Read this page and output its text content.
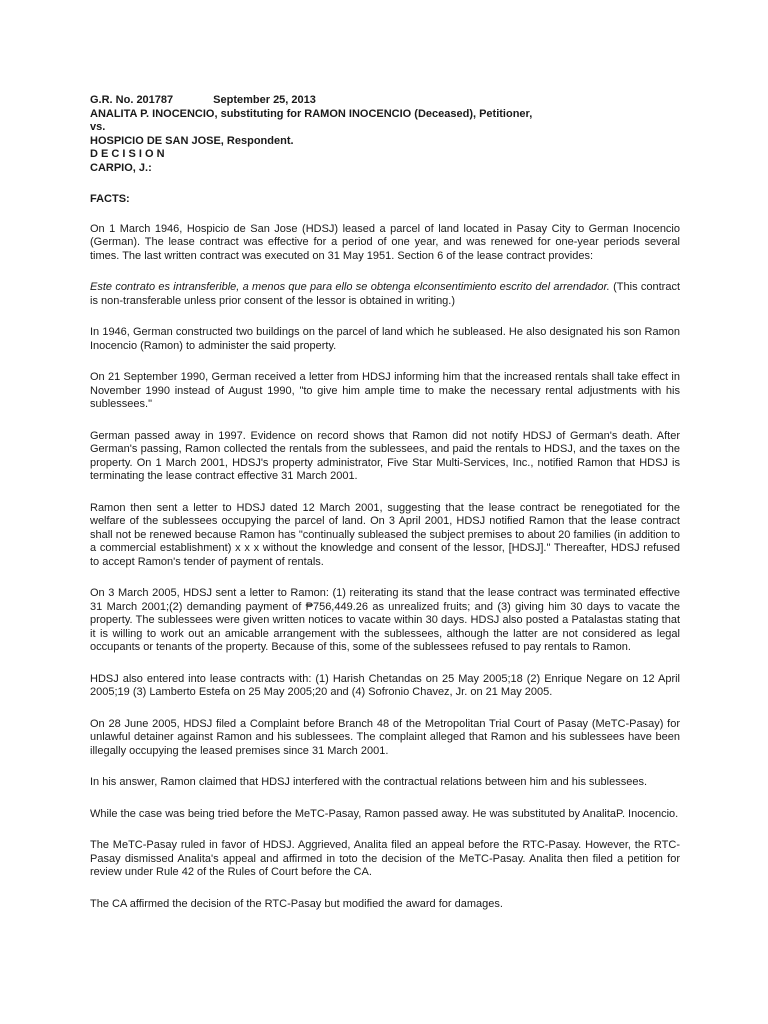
G.R. No. 201787	September 25, 2013

ANALITA P. INOCENCIO, substituting for RAMON INOCENCIO (Deceased), Petitioner,

vs.

HOSPICIO DE SAN JOSE, Respondent.

D E C I S I O N

CARPIO, J.:

FACTS:

On 1 March 1946, Hospicio de San Jose (HDSJ) leased a parcel of land located in Pasay City to German Inocencio (German). The lease contract was effective for a period of one year, and was renewed for one-year periods several times. The last written contract was executed on 31 May 1951. Section 6 of the lease contract provides:

Este contrato es intransferible, a menos que para ello se obtenga elconsentimiento escrito del arrendador. (This contract is non-transferable unless prior consent of the lessor is obtained in writing.)

In 1946, German constructed two buildings on the parcel of land which he subleased. He also designated his son Ramon Inocencio (Ramon) to administer the said property.

On 21 September 1990, German received a letter from HDSJ informing him that the increased rentals shall take effect in November 1990 instead of August 1990, "to give him ample time to make the necessary rental adjustments with his sublessees."

German passed away in 1997. Evidence on record shows that Ramon did not notify HDSJ of German's death. After German's passing, Ramon collected the rentals from the sublessees, and paid the rentals to HDSJ, and the taxes on the property. On 1 March 2001, HDSJ's property administrator, Five Star Multi-Services, Inc., notified Ramon that HDSJ is terminating the lease contract effective 31 March 2001.

Ramon then sent a letter to HDSJ dated 12 March 2001, suggesting that the lease contract be renegotiated for the welfare of the sublessees occupying the parcel of land. On 3 April 2001, HDSJ notified Ramon that the lease contract shall not be renewed because Ramon has "continually subleased the subject premises to about 20 families (in addition to a commercial establishment) x x x without the knowledge and consent of the lessor, [HDSJ]." Thereafter, HDSJ refused to accept Ramon's tender of payment of rentals.

On 3 March 2005, HDSJ sent a letter to Ramon: (1) reiterating its stand that the lease contract was terminated effective 31 March 2001;(2) demanding payment of ₱756,449.26 as unrealized fruits; and (3) giving him 30 days to vacate the property. The sublessees were given written notices to vacate within 30 days. HDSJ also posted a Patalastas stating that it is willing to work out an amicable arrangement with the sublessees, although the latter are not considered as legal occupants or tenants of the property. Because of this, some of the sublessees refused to pay rentals to Ramon.

HDSJ also entered into lease contracts with: (1) Harish Chetandas on 25 May 2005;18 (2) Enrique Negare on 12 April 2005;19 (3) Lamberto Estefa on 25 May 2005;20 and (4) Sofronio Chavez, Jr. on 21 May 2005.

On 28 June 2005, HDSJ filed a Complaint before Branch 48 of the Metropolitan Trial Court of Pasay (MeTC-Pasay) for unlawful detainer against Ramon and his sublessees. The complaint alleged that Ramon and his sublessees have been illegally occupying the leased premises since 31 March 2001.

In his answer, Ramon claimed that HDSJ interfered with the contractual relations between him and his sublessees.

While the case was being tried before the MeTC-Pasay, Ramon passed away. He was substituted by AnalitaP. Inocencio.

The MeTC-Pasay ruled in favor of HDSJ. Aggrieved, Analita filed an appeal before the RTC-Pasay. However, the RTC-Pasay dismissed Analita's appeal and affirmed in toto the decision of the MeTC-Pasay. Analita then filed a petition for review under Rule 42 of the Rules of Court before the CA.

The CA affirmed the decision of the RTC-Pasay but modified the award for damages.
